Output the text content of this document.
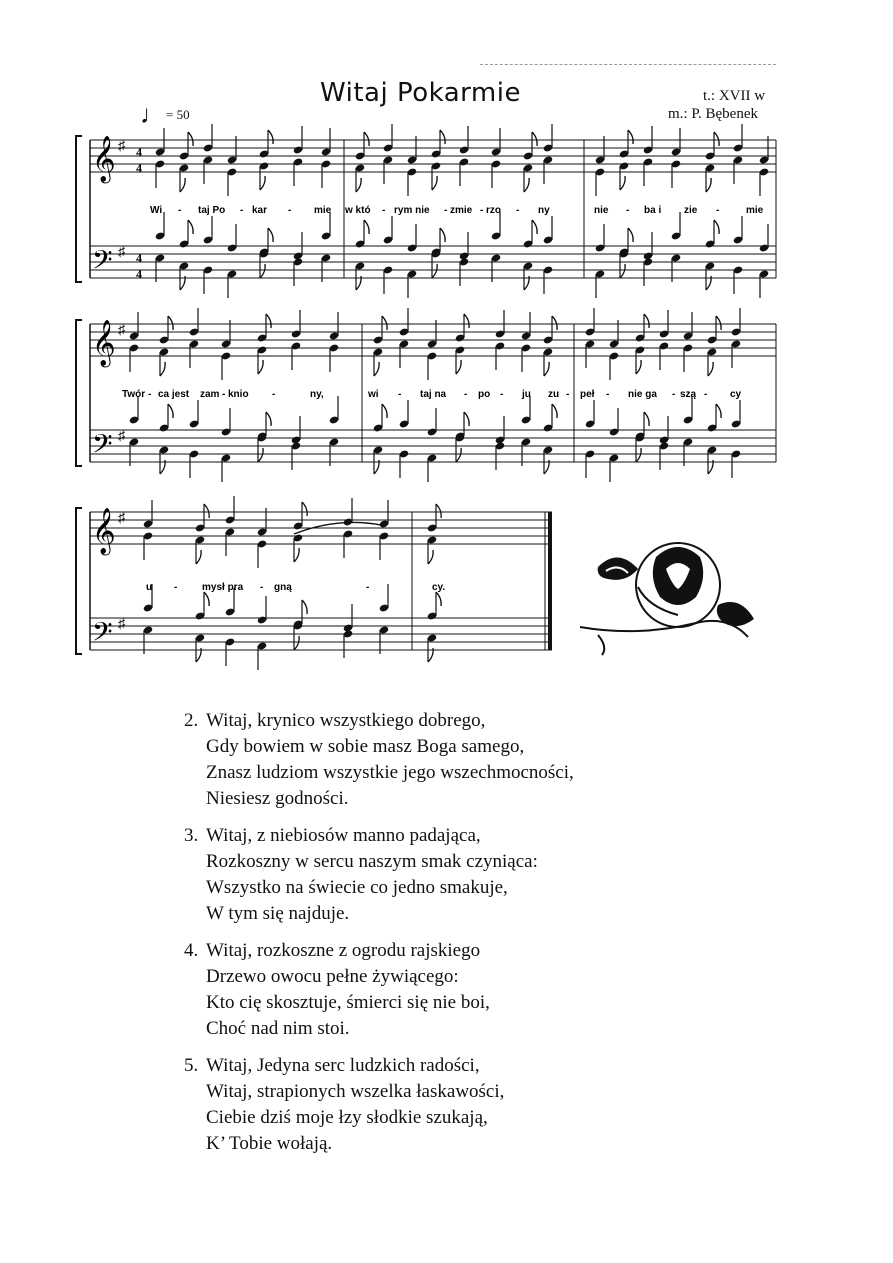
Witaj Pokarmie	t.: XVII w
m.: P. Bębenek
♩= 50
𝄞
𝄢
♯
♯
4
4
4
4
Wi - taj Po - kar - mie w któ - rym nie - zmie - rzo - ny	nie - ba i zie -	mie
𝄞
𝄢
♯
♯
Twór - ca jest zam - knio -	ny,	wi - taj na - po - ju zu - peł - nie ga - szą - cy
𝄞
𝄢
♯
♯
u - mysł pra - gną	-	cy.
2. Witaj, krynico wszystkiego dobrego,
Gdy bowiem w sobie masz Boga samego,
Znasz ludziom wszystkie jego wszechmocności,
Niesiesz godności.
3. Witaj, z niebiosów manno padająca,
Rozkoszny w sercu naszym smak czyniąca:
Wszystko na świecie co jedno smakuje,
W tym się najduje.
4. Witaj, rozkoszne z ogrodu rajskiego
Drzewo owocu pełne żywiącego:
Kto cię skosztuje, śmierci się nie boi,
Choć nad nim stoi.
5. Witaj, Jedyna serc ludzkich radości,
Witaj, strapionych wszelka łaskawości,
Ciebie dziś moje łzy słodkie szukają,
K’ Tobie wołają.
